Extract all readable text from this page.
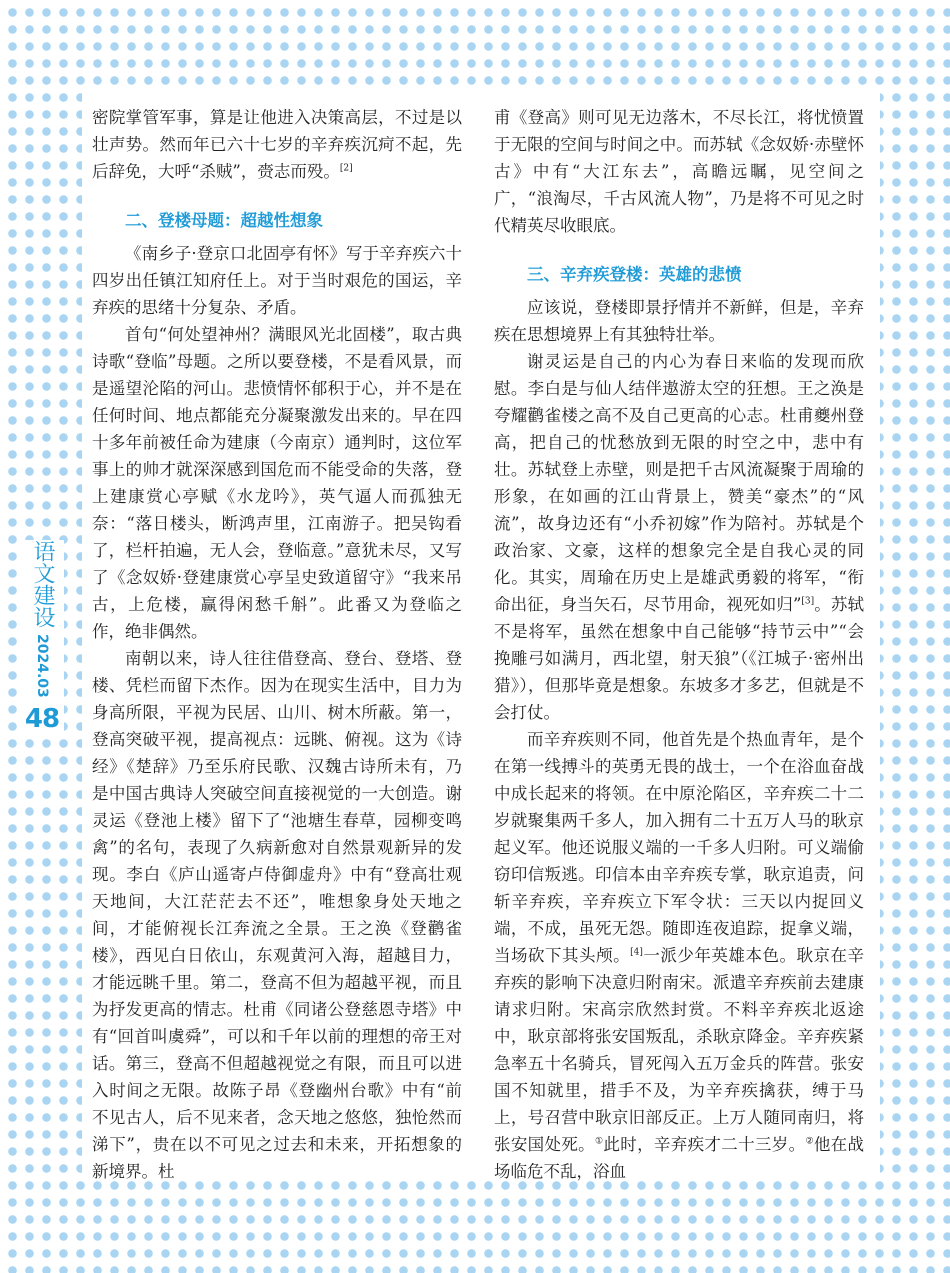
语文建设
2024.03
48

密院掌管军事，算是让他进入决策高层，不过是以壮声势。然而年已六十七岁的辛弃疾沉疴不起，先后辞免，大呼“杀贼”，赍志而殁。[2]

二、登楼母题：超越性想象

《南乡子·登京口北固亭有怀》写于辛弃疾六十四岁出任镇江知府任上。对于当时艰危的国运，辛弃疾的思绪十分复杂、矛盾。

首句“何处望神州？满眼风光北固楼”，取古典诗歌“登临”母题。之所以要登楼，不是看风景，而是遥望沦陷的河山。悲愤情怀郁积于心，并不是在任何时间、地点都能充分凝聚激发出来的。早在四十多年前被任命为建康（今南京）通判时，这位军事上的帅才就深深感到国危而不能受命的失落，登上建康赏心亭赋《水龙吟》，英气逼人而孤独无奈：“落日楼头，断鸿声里，江南游子。把吴钩看了，栏杆拍遍，无人会，登临意。”意犹未尽，又写了《念奴娇·登建康赏心亭呈史致道留守》“我来吊古，上危楼，赢得闲愁千斛”。此番又为登临之作，绝非偶然。

南朝以来，诗人往往借登高、登台、登塔、登楼、凭栏而留下杰作。因为在现实生活中，目力为身高所限，平视为民居、山川、树木所蔽。第一，登高突破平视，提高视点：远眺、俯视。这为《诗经》《楚辞》乃至乐府民歌、汉魏古诗所未有，乃是中国古典诗人突破空间直接视觉的一大创造。谢灵运《登池上楼》留下了“池塘生春草，园柳变鸣禽”的名句，表现了久病新愈对自然景观新异的发现。李白《庐山遥寄卢侍御虚舟》中有“登高壮观天地间，大江茫茫去不还”，唯想象身处天地之间，才能俯视长江奔流之全景。王之涣《登鹳雀楼》，西见白日依山，东观黄河入海，超越目力，才能远眺千里。第二，登高不但为超越平视，而且为抒发更高的情志。杜甫《同诸公登慈恩寺塔》中有“回首叫虞舜”，可以和千年以前的理想的帝王对话。第三，登高不但超越视觉之有限，而且可以进入时间之无限。故陈子昂《登幽州台歌》中有“前不见古人，后不见来者，念天地之悠悠，独怆然而涕下”，贵在以不可见之过去和未来，开拓想象的新境界。杜

甫《登高》则可见无边落木，不尽长江，将忧愤置于无限的空间与时间之中。而苏轼《念奴娇·赤壁怀古》中有“大江东去”，高瞻远瞩，见空间之广，“浪淘尽，千古风流人物”，乃是将不可见之时代精英尽收眼底。

三、辛弃疾登楼：英雄的悲愤

应该说，登楼即景抒情并不新鲜，但是，辛弃疾在思想境界上有其独特壮举。

谢灵运是自己的内心为春日来临的发现而欣慰。李白是与仙人结伴遨游太空的狂想。王之涣是夸耀鹳雀楼之高不及自己更高的心志。杜甫夔州登高，把自己的忧愁放到无限的时空之中，悲中有壮。苏轼登上赤壁，则是把千古风流凝聚于周瑜的形象，在如画的江山背景上，赞美“豪杰”的“风流”，故身边还有“小乔初嫁”作为陪衬。苏轼是个政治家、文豪，这样的想象完全是自我心灵的同化。其实，周瑜在历史上是雄武勇毅的将军，“衔命出征，身当矢石，尽节用命，视死如归”[3]。苏轼不是将军，虽然在想象中自己能够“持节云中”“会挽雕弓如满月，西北望，射天狼”（《江城子·密州出猎》），但那毕竟是想象。东坡多才多艺，但就是不会打仗。

而辛弃疾则不同，他首先是个热血青年，是个在第一线搏斗的英勇无畏的战士，一个在浴血奋战中成长起来的将领。在中原沦陷区，辛弃疾二十二岁就聚集两千多人，加入拥有二十五万人马的耿京起义军。他还说服义端的一千多人归附。可义端偷窃印信叛逃。印信本由辛弃疾专掌，耿京追责，问斩辛弃疾，辛弃疾立下军令状：三天以内捉回义端，不成，虽死无怨。随即连夜追踪，捉拿义端，当场砍下其头颅。[4]一派少年英雄本色。耿京在辛弃疾的影响下决意归附南宋。派遣辛弃疾前去建康请求归附。宋高宗欣然封赏。不料辛弃疾北返途中，耿京部将张安国叛乱，杀耿京降金。辛弃疾紧急率五十名骑兵，冒死闯入五万金兵的阵营。张安国不知就里，措手不及，为辛弃疾擒获，缚于马上，号召营中耿京旧部反正。上万人随同南归，将张安国处死。①此时，辛弃疾才二十三岁。②他在战场临危不乱，浴血
